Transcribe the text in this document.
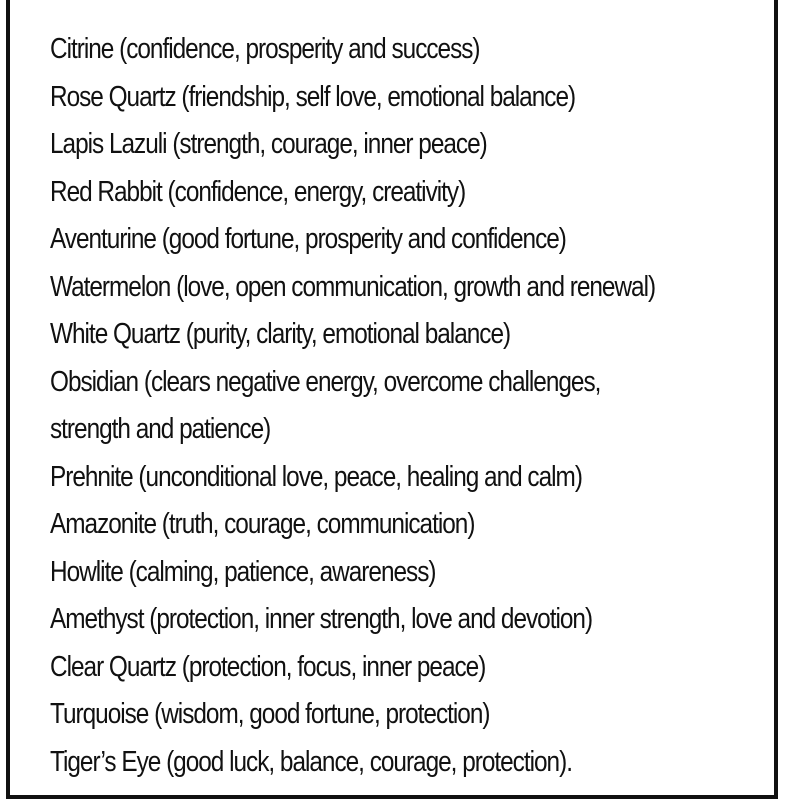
Citrine (confidence, prosperity and success)
Rose Quartz (friendship, self love, emotional balance)
Lapis Lazuli (strength, courage, inner peace)
Red Rabbit (confidence, energy, creativity)
Aventurine (good fortune, prosperity and confidence)
Watermelon (love, open communication, growth and renewal)
White Quartz (purity, clarity, emotional balance)
Obsidian (clears negative energy, overcome challenges,
strength and patience)
Prehnite (unconditional love, peace, healing and calm)
Amazonite (truth, courage, communication)
Howlite (calming, patience, awareness)
Amethyst (protection, inner strength, love and devotion)
Clear Quartz (protection, focus, inner peace)
Turquoise (wisdom, good fortune, protection)
Tiger’s Eye (good luck, balance, courage, protection).
